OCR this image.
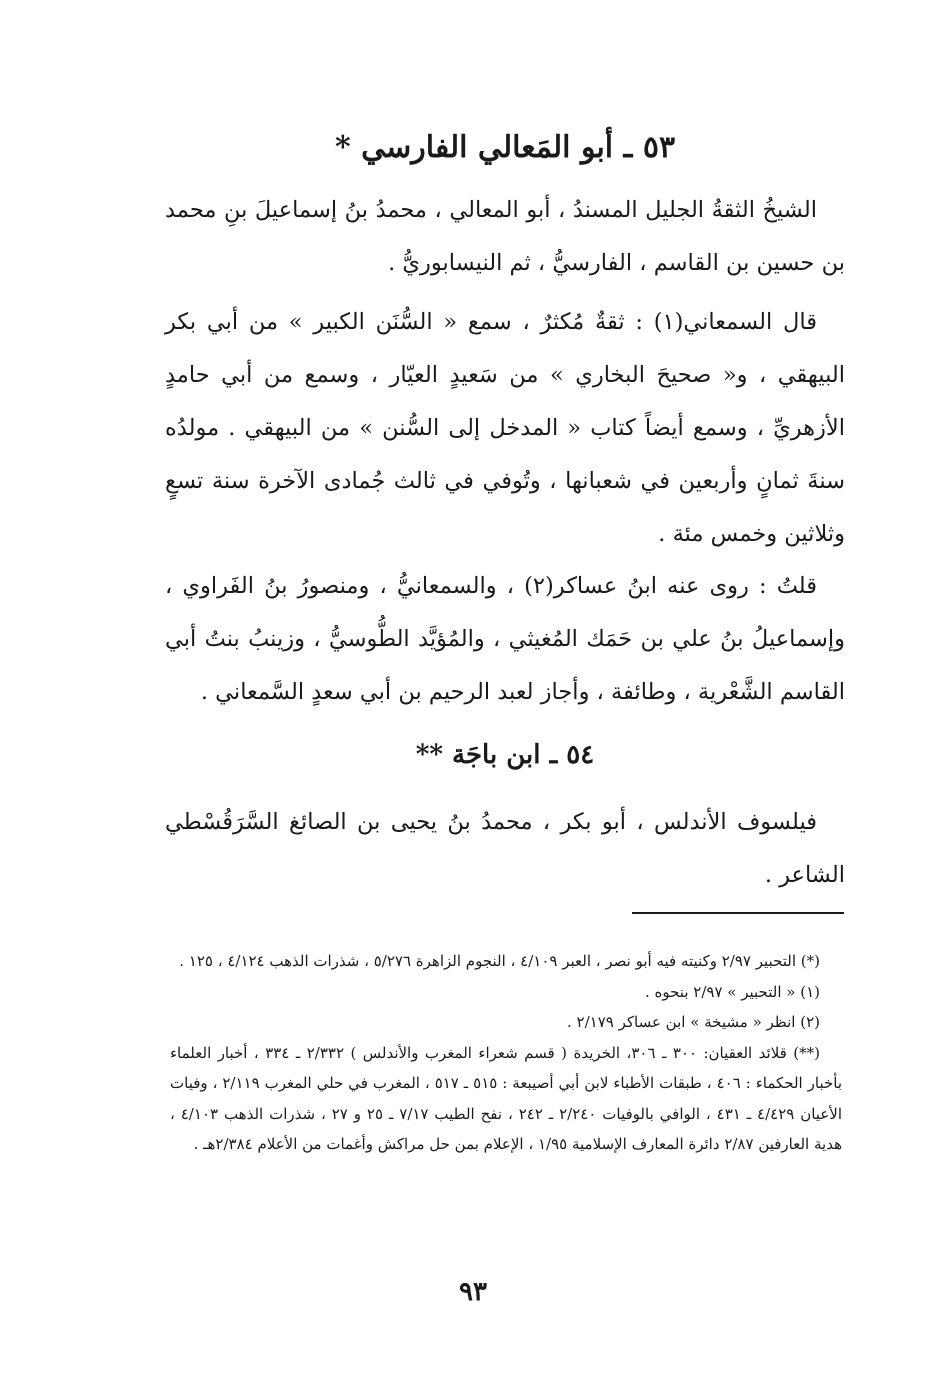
٥٣ ـ أبو المَعالي الفارسي *

الشيخُ الثقةُ الجليل المسندُ ، أبو المعالي ، محمدُ بنُ إسماعيلَ بنِ محمد بن حسين بن القاسم ، الفارسيُّ ، ثم النيسابوريُّ .

قال السمعاني(١) : ثقةٌ مُكثرٌ ، سمع « السُّنَن الكبير » من أبي بكر البيهقي ، و« صحيحَ البخاري » من سَعيدٍ العيّار ، وسمع من أبي حامدٍ الأزهريِّ ، وسمع أيضاً كتاب « المدخل إلى السُّنن » من البيهقي . مولدُه سنةَ ثمانٍ وأربعين في شعبانها ، وتُوفي في ثالث جُمادى الآخرة سنة تسعٍ وثلاثين وخمس مئة .

قلتُ : روى عنه ابنُ عساكر(٢) ، والسمعانيُّ ، ومنصورُ بنُ الفَراوي ، وإسماعيلُ بنُ علي بن حَمَك المُغيثي ، والمُؤيَّد الطُّوسيُّ ، وزينبُ بنتُ أبي القاسم الشَّعْرية ، وطائفة ، وأجاز لعبد الرحيم بن أبي سعدٍ السَّمعاني .

٥٤ ـ ابن باجَة **

فيلسوف الأندلس ، أبو بكر ، محمدُ بنُ يحيى بن الصائغ السَّرَقُسْطي الشاعر .

(*) التحبير ٢/٩٧ وكنيته فيه أبو نصر ، العبر ٤/١٠٩ ، النجوم الزاهرة ٥/٢٧٦ ، شذرات الذهب ٤/١٢٤ ، ١٢٥ .

(١) « التحبير » ٢/٩٧ بنحوه .

(٢) انظر « مشيخة » ابن عساكر ٢/١٧٩ .

(**) قلائد العقيان: ٣٠٠ ـ ٣٠٦، الخريدة ( قسم شعراء المغرب والأندلس ) ٢/٣٣٢ ـ ٣٣٤ ، أخبار العلماء بأخبار الحكماء : ٤٠٦ ، طبقات الأطباء لابن أبي أصيبعة : ٥١٥ ـ ٥١٧ ، المغرب في حلي المغرب ٢/١١٩ ، وفيات الأعيان ٤/٤٢٩ ـ ٤٣١ ، الوافي بالوفيات ٢/٢٤٠ ـ ٢٤٢ ، نفح الطيب ٧/١٧ ـ ٢٥ و ٢٧ ، شذرات الذهب ٤/١٠٣ ، هدية العارفين ٢/٨٧ دائرة المعارف الإسلامية ١/٩٥ ، الإعلام بمن حل مراكش وأغمات من الأعلام ٢/٣٨٤هـ .

٩٣
